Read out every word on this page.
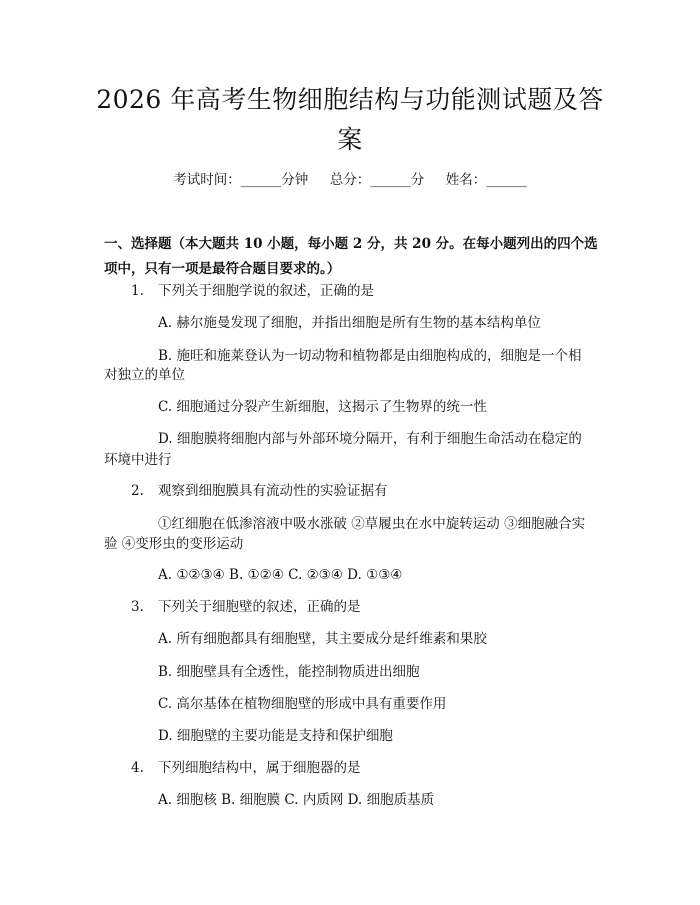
2026 年高考生物细胞结构与功能测试题及答
案
考试时间：______分钟     总分：______分     姓名：______
一、选择题（本大题共 10 小题，每小题 2 分，共 20 分。在每小题列出的四个选
项中，只有一项是最符合题目要求的。）
1. 下列关于细胞学说的叙述，正确的是
A. 赫尔施曼发现了细胞，并指出细胞是所有生物的基本结构单位
B. 施旺和施莱登认为一切动物和植物都是由细胞构成的，细胞是一个相
对独立的单位
C. 细胞通过分裂产生新细胞，这揭示了生物界的统一性
D. 细胞膜将细胞内部与外部环境分隔开，有利于细胞生命活动在稳定的
环境中进行
2. 观察到细胞膜具有流动性的实验证据有
①红细胞在低渗溶液中吸水涨破 ②草履虫在水中旋转运动 ③细胞融合实
验 ④变形虫的变形运动
A. ①②③④ B. ①②④ C. ②③④ D. ①③④
3. 下列关于细胞壁的叙述，正确的是
A. 所有细胞都具有细胞壁，其主要成分是纤维素和果胶
B. 细胞壁具有全透性，能控制物质进出细胞
C. 高尔基体在植物细胞壁的形成中具有重要作用
D. 细胞壁的主要功能是支持和保护细胞
4. 下列细胞结构中，属于细胞器的是
A. 细胞核 B. 细胞膜 C. 内质网 D. 细胞质基质
